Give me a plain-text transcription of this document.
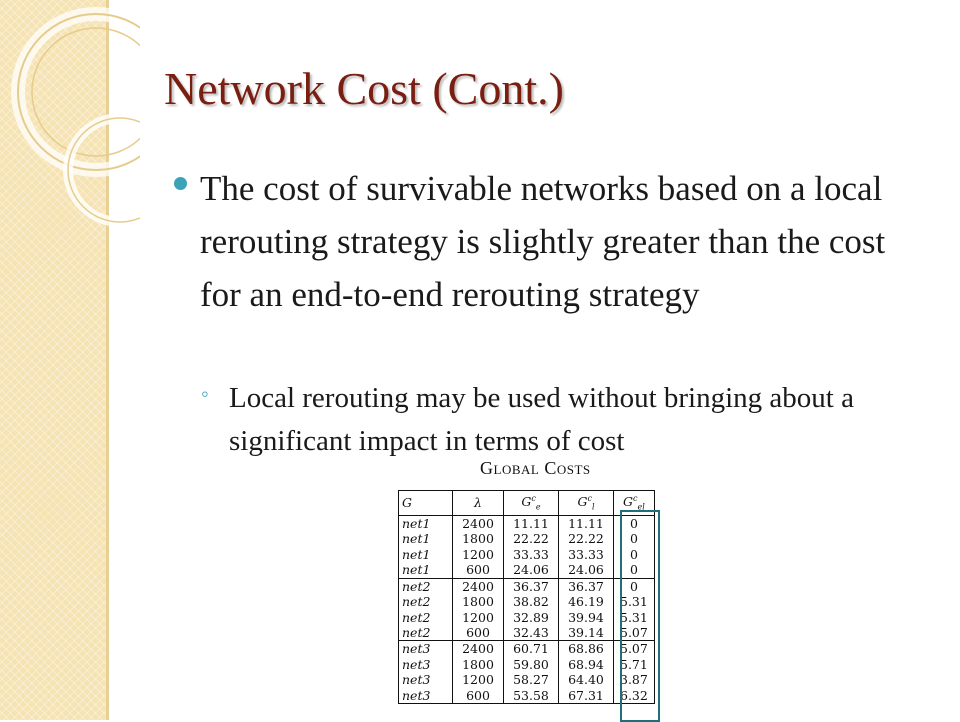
Network Cost (Cont.)
The cost of survivable networks based on a local rerouting strategy is slightly greater than the cost for an end-to-end rerouting strategy
◦ Local rerouting may be used without bringing about a significant impact in terms of cost
Global Costs
G	λ	$G^c_e$	$G^c_l$	$G^c_{el}$
net1	2400	11.11	11.11	0
net1	1800	22.22	22.22	0
net1	1200	33.33	33.33	0
net1	600	24.06	24.06	0
net2	2400	36.37	36.37	0
net2	1800	38.82	46.19	5.31
net2	1200	32.89	39.94	5.31
net2	600	32.43	39.14	5.07
net3	2400	60.71	68.86	5.07
net3	1800	59.80	68.94	5.71
net3	1200	58.27	64.40	3.87
net3	600	53.58	67.31	6.32
